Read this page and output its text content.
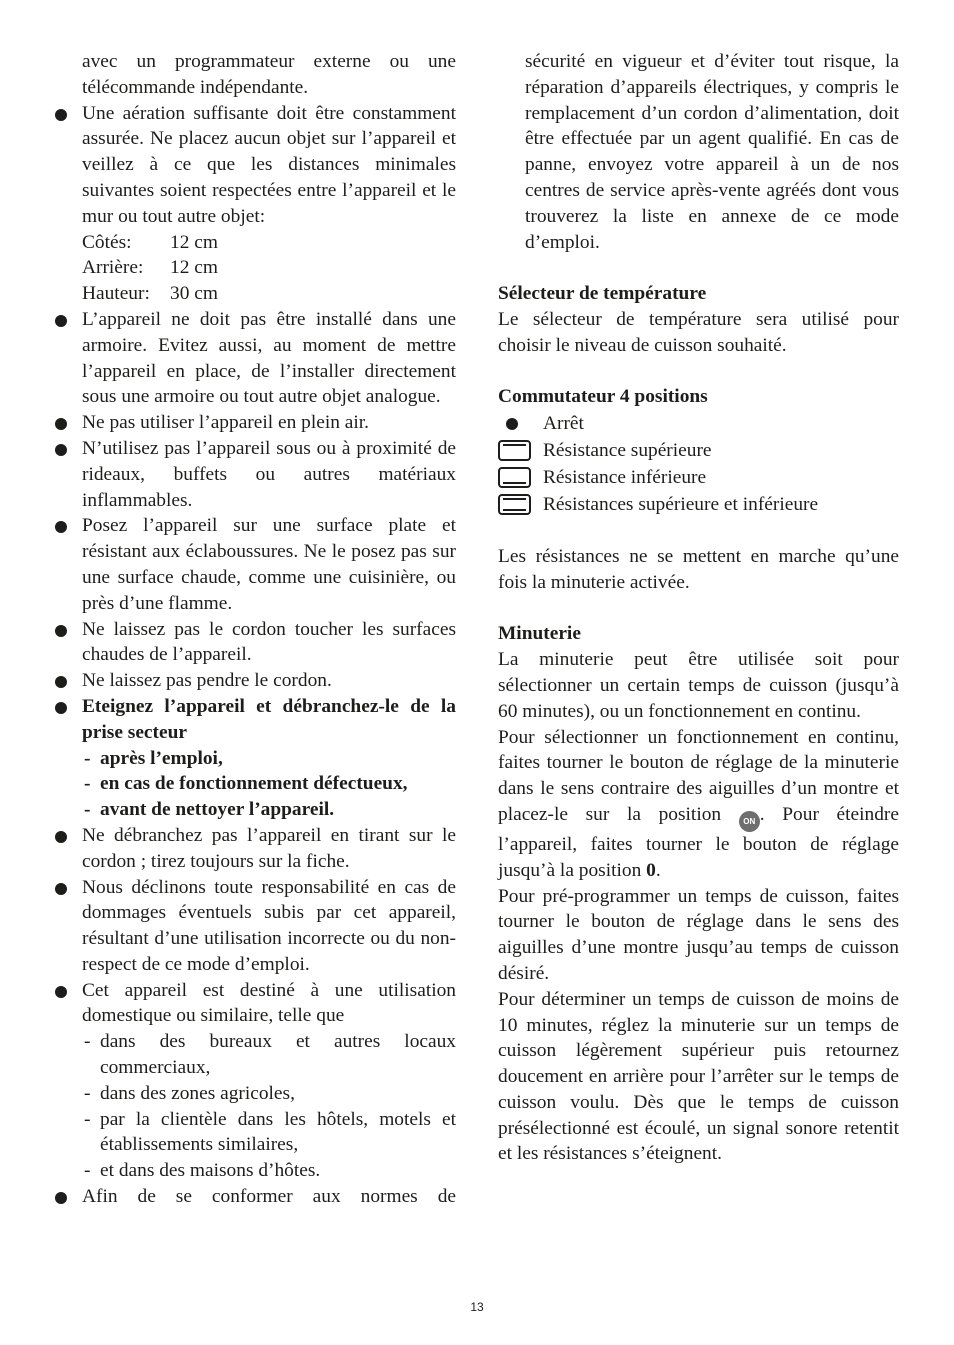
avec un programmateur externe ou une télécommande indépendante.

Une aération suffisante doit être constamment assurée. Ne placez aucun objet sur l’appareil et veillez à ce que les distances minimales suivantes soient respectées entre l’appareil et le mur ou tout autre objet:

Côtés:	12 cm
Arrière:	12 cm
Hauteur:	30 cm

L’appareil ne doit pas être installé dans une armoire. Evitez aussi, au moment de mettre l’appareil en place, de l’installer directement sous une armoire ou tout autre objet analogue.

Ne pas utiliser l’appareil en plein air.

N’utilisez pas l’appareil sous ou à proximité de rideaux, buffets ou autres matériaux inflammables.

Posez l’appareil sur une surface plate et résistant aux éclaboussures. Ne le posez pas sur une surface chaude, comme une cuisinière, ou près d’une flamme.

Ne laissez pas le cordon toucher les surfaces chaudes de l’appareil.

Ne laissez pas pendre le cordon.

Eteignez l’appareil et débranchez-le de la prise secteur

- après l’emploi,

- en cas de fonctionnement défectueux,

- avant de nettoyer l’appareil.

Ne débranchez pas l’appareil en tirant sur le cordon ; tirez toujours sur la fiche.

Nous déclinons toute responsabilité en cas de dommages éventuels subis par cet appareil, résultant d’une utilisation incorrecte ou du non-respect de ce mode d’emploi.

Cet appareil est destiné à une utilisation domestique ou similaire, telle que

- dans des bureaux et autres locaux commerciaux,

- dans des zones agricoles,

- par la clientèle dans les hôtels, motels et établissements similaires,

- et dans des maisons d’hôtes.

Afin de se conformer aux normes de

sécurité en vigueur et d’éviter tout risque, la réparation d’appareils électriques, y compris le remplacement d’un cordon d’alimentation, doit être effectuée par un agent qualifié. En cas de panne, envoyez votre appareil à un de nos centres de service après-vente agréés dont vous trouverez la liste en annexe de ce mode d’emploi.

Sélecteur de température

Le sélecteur de température sera utilisé pour choisir le niveau de cuisson souhaité.

Commutateur 4 positions

Arrêt
Résistance supérieure
Résistance inférieure
Résistances supérieure et inférieure

Les résistances ne se mettent en marche qu’une fois la minuterie activée.

Minuterie

La minuterie peut être utilisée soit pour sélectionner un certain temps de cuisson (jusqu’à 60 minutes), ou un fonctionnement en continu.

Pour sélectionner un fonctionnement en continu, faites tourner le bouton de réglage de la minuterie dans le sens contraire des aiguilles d’un montre et placez-le sur la position	ON . Pour éteindre l’appareil, faites tourner le bouton de réglage jusqu’à la position 0.

Pour pré-programmer un temps de cuisson, faites tourner le bouton de réglage dans le sens des aiguilles d’une montre jusqu’au temps de cuisson désiré.

Pour déterminer un temps de cuisson de moins de 10 minutes, réglez la minuterie sur un temps de cuisson légèrement supérieur puis retournez doucement en arrière pour l’arrêter sur le temps de cuisson voulu. Dès que le temps de cuisson présélectionné est écoulé, un signal sonore retentit et les résistances s’éteignent.

13
